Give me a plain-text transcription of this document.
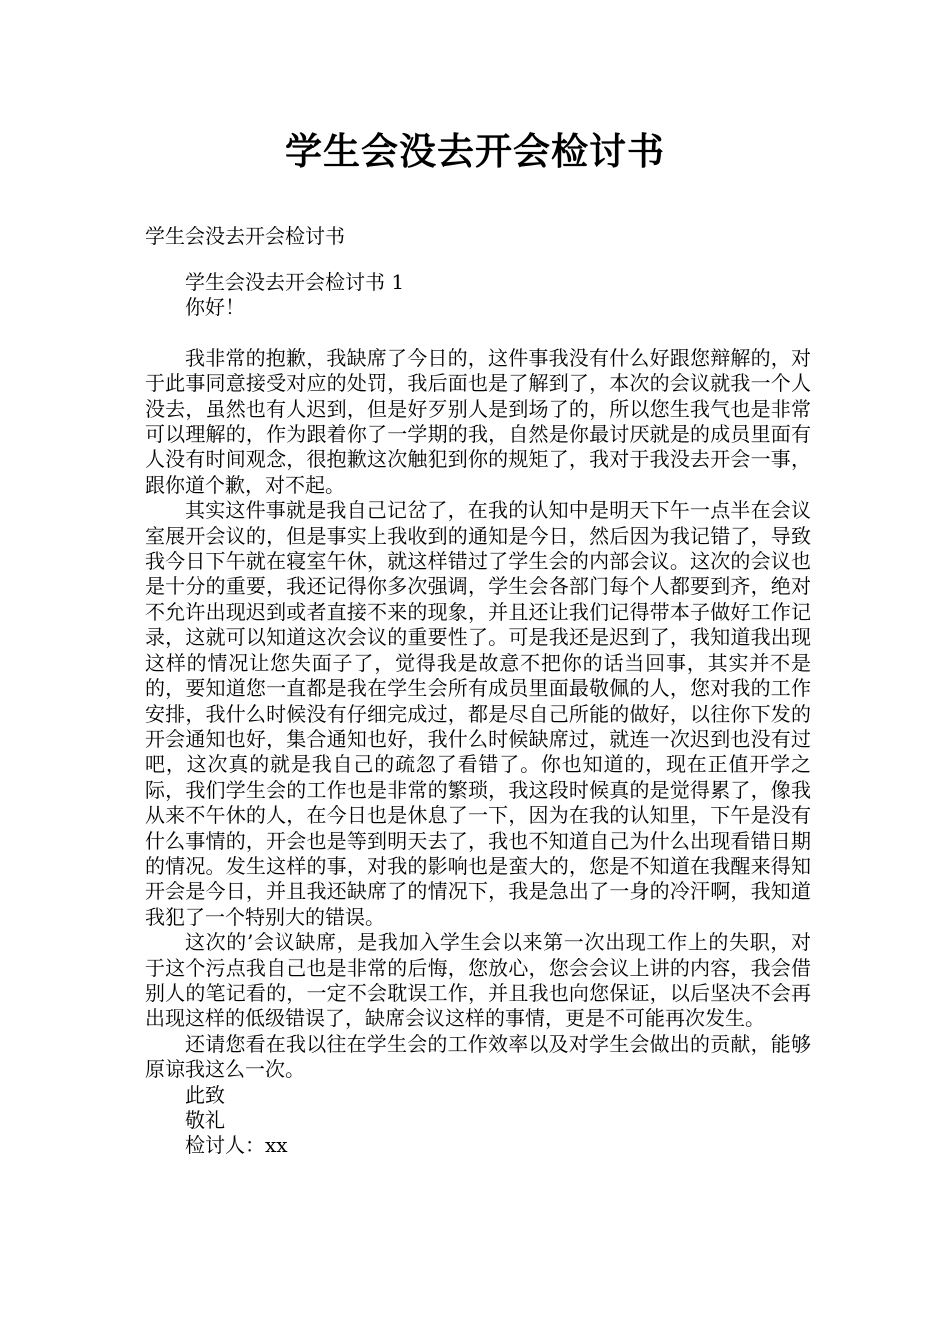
学生会没去开会检讨书
学生会没去开会检讨书

学生会没去开会检讨书 1

你好！

我非常的抱歉，我缺席了今日的，这件事我没有什么好跟您辩解的，对于此事同意接受对应的处罚，我后面也是了解到了，本次的会议就我一个人没去，虽然也有人迟到，但是好歹别人是到场了的，所以您生我气也是非常可以理解的，作为跟着你了一学期的我，自然是你最讨厌就是的成员里面有人没有时间观念，很抱歉这次触犯到你的规矩了，我对于我没去开会一事，跟你道个歉，对不起。

其实这件事就是我自己记岔了，在我的认知中是明天下午一点半在会议室展开会议的，但是事实上我收到的通知是今日，然后因为我记错了，导致我今日下午就在寝室午休，就这样错过了学生会的内部会议。这次的会议也是十分的重要，我还记得你多次强调，学生会各部门每个人都要到齐，绝对不允许出现迟到或者直接不来的现象，并且还让我们记得带本子做好工作记录，这就可以知道这次会议的重要性了。可是我还是迟到了，我知道我出现这样的情况让您失面子了，觉得我是故意不把你的话当回事，其实并不是的，要知道您一直都是我在学生会所有成员里面最敬佩的人，您对我的工作安排，我什么时候没有仔细完成过，都是尽自己所能的做好，以往你下发的开会通知也好，集合通知也好，我什么时候缺席过，就连一次迟到也没有过吧，这次真的就是我自己的疏忽了看错了。你也知道的，现在正值开学之际，我们学生会的工作也是非常的繁琐，我这段时候真的是觉得累了，像我从来不午休的人，在今日也是休息了一下，因为在我的认知里，下午是没有什么事情的，开会也是等到明天去了，我也不知道自己为什么出现看错日期的情况。发生这样的事，对我的影响也是蛮大的，您是不知道在我醒来得知开会是今日，并且我还缺席了的情况下，我是急出了一身的冷汗啊，我知道我犯了一个特别大的错误。

这次的’会议缺席，是我加入学生会以来第一次出现工作上的失职，对于这个污点我自己也是非常的后悔，您放心，您会会议上讲的内容，我会借别人的笔记看的，一定不会耽误工作，并且我也向您保证，以后坚决不会再出现这样的低级错误了，缺席会议这样的事情，更是不可能再次发生。

还请您看在我以往在学生会的工作效率以及对学生会做出的贡献，能够原谅我这么一次。

此致

敬礼

检讨人：xx
